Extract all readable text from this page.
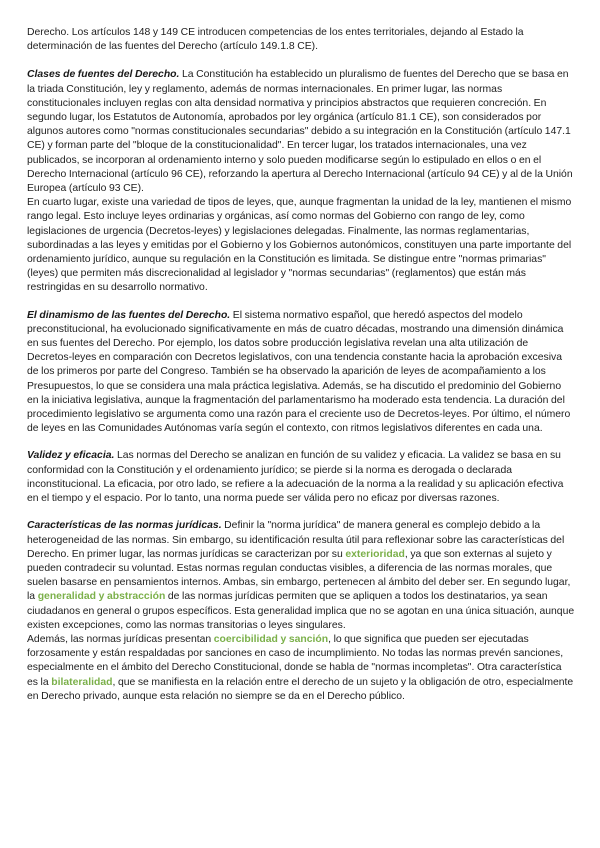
Derecho. Los artículos 148 y 149 CE introducen competencias de los entes territoriales, dejando al Estado la determinación de las fuentes del Derecho (artículo 149.1.8 CE).

Clases de fuentes del Derecho. La Constitución ha establecido un pluralismo de fuentes del Derecho que se basa en la triada Constitución, ley y reglamento, además de normas internacionales. En primer lugar, las normas constitucionales incluyen reglas con alta densidad normativa y principios abstractos que requieren concreción. En segundo lugar, los Estatutos de Autonomía, aprobados por ley orgánica (artículo 81.1 CE), son considerados por algunos autores como "normas constitucionales secundarias" debido a su integración en la Constitución (artículo 147.1 CE) y forman parte del "bloque de la constitucionalidad". En tercer lugar, los tratados internacionales, una vez publicados, se incorporan al ordenamiento interno y solo pueden modificarse según lo estipulado en ellos o en el Derecho Internacional (artículo 96 CE), reforzando la apertura al Derecho Internacional (artículo 94 CE) y al de la Unión Europea (artículo 93 CE).

En cuarto lugar, existe una variedad de tipos de leyes, que, aunque fragmentan la unidad de la ley, mantienen el mismo rango legal. Esto incluye leyes ordinarias y orgánicas, así como normas del Gobierno con rango de ley, como legislaciones de urgencia (Decretos-leyes) y legislaciones delegadas. Finalmente, las normas reglamentarias, subordinadas a las leyes y emitidas por el Gobierno y los Gobiernos autonómicos, constituyen una parte importante del ordenamiento jurídico, aunque su regulación en la Constitución es limitada. Se distingue entre "normas primarias" (leyes) que permiten más discrecionalidad al legislador y "normas secundarias" (reglamentos) que están más restringidas en su desarrollo normativo.

El dinamismo de las fuentes del Derecho. El sistema normativo español, que heredó aspectos del modelo preconstitucional, ha evolucionado significativamente en más de cuatro décadas, mostrando una dimensión dinámica en sus fuentes del Derecho. Por ejemplo, los datos sobre producción legislativa revelan una alta utilización de Decretos-leyes en comparación con Decretos legislativos, con una tendencia constante hacia la aprobación excesiva de los primeros por parte del Congreso. También se ha observado la aparición de leyes de acompañamiento a los Presupuestos, lo que se considera una mala práctica legislativa. Además, se ha discutido el predominio del Gobierno en la iniciativa legislativa, aunque la fragmentación del parlamentarismo ha moderado esta tendencia. La duración del procedimiento legislativo se argumenta como una razón para el creciente uso de Decretos-leyes. Por último, el número de leyes en las Comunidades Autónomas varía según el contexto, con ritmos legislativos diferentes en cada una.

Validez y eficacia. Las normas del Derecho se analizan en función de su validez y eficacia. La validez se basa en su conformidad con la Constitución y el ordenamiento jurídico; se pierde si la norma es derogada o declarada inconstitucional. La eficacia, por otro lado, se refiere a la adecuación de la norma a la realidad y su aplicación efectiva en el tiempo y el espacio. Por lo tanto, una norma puede ser válida pero no eficaz por diversas razones.

Características de las normas jurídicas. Definir la "norma jurídica" de manera general es complejo debido a la heterogeneidad de las normas. Sin embargo, su identificación resulta útil para reflexionar sobre las características del Derecho. En primer lugar, las normas jurídicas se caracterizan por su exterioridad, ya que son externas al sujeto y pueden contradecir su voluntad. Estas normas regulan conductas visibles, a diferencia de las normas morales, que suelen basarse en pensamientos internos. Ambas, sin embargo, pertenecen al ámbito del deber ser. En segundo lugar, la generalidad y abstracción de las normas jurídicas permiten que se apliquen a todos los destinatarios, ya sean ciudadanos en general o grupos específicos. Esta generalidad implica que no se agotan en una única situación, aunque existen excepciones, como las normas transitorias o leyes singulares.

Además, las normas jurídicas presentan coercibilidad y sanción, lo que significa que pueden ser ejecutadas forzosamente y están respaldadas por sanciones en caso de incumplimiento. No todas las normas prevén sanciones, especialmente en el ámbito del Derecho Constitucional, donde se habla de "normas incompletas". Otra característica es la bilateralidad, que se manifiesta en la relación entre el derecho de un sujeto y la obligación de otro, especialmente en Derecho privado, aunque esta relación no siempre se da en el Derecho público.
